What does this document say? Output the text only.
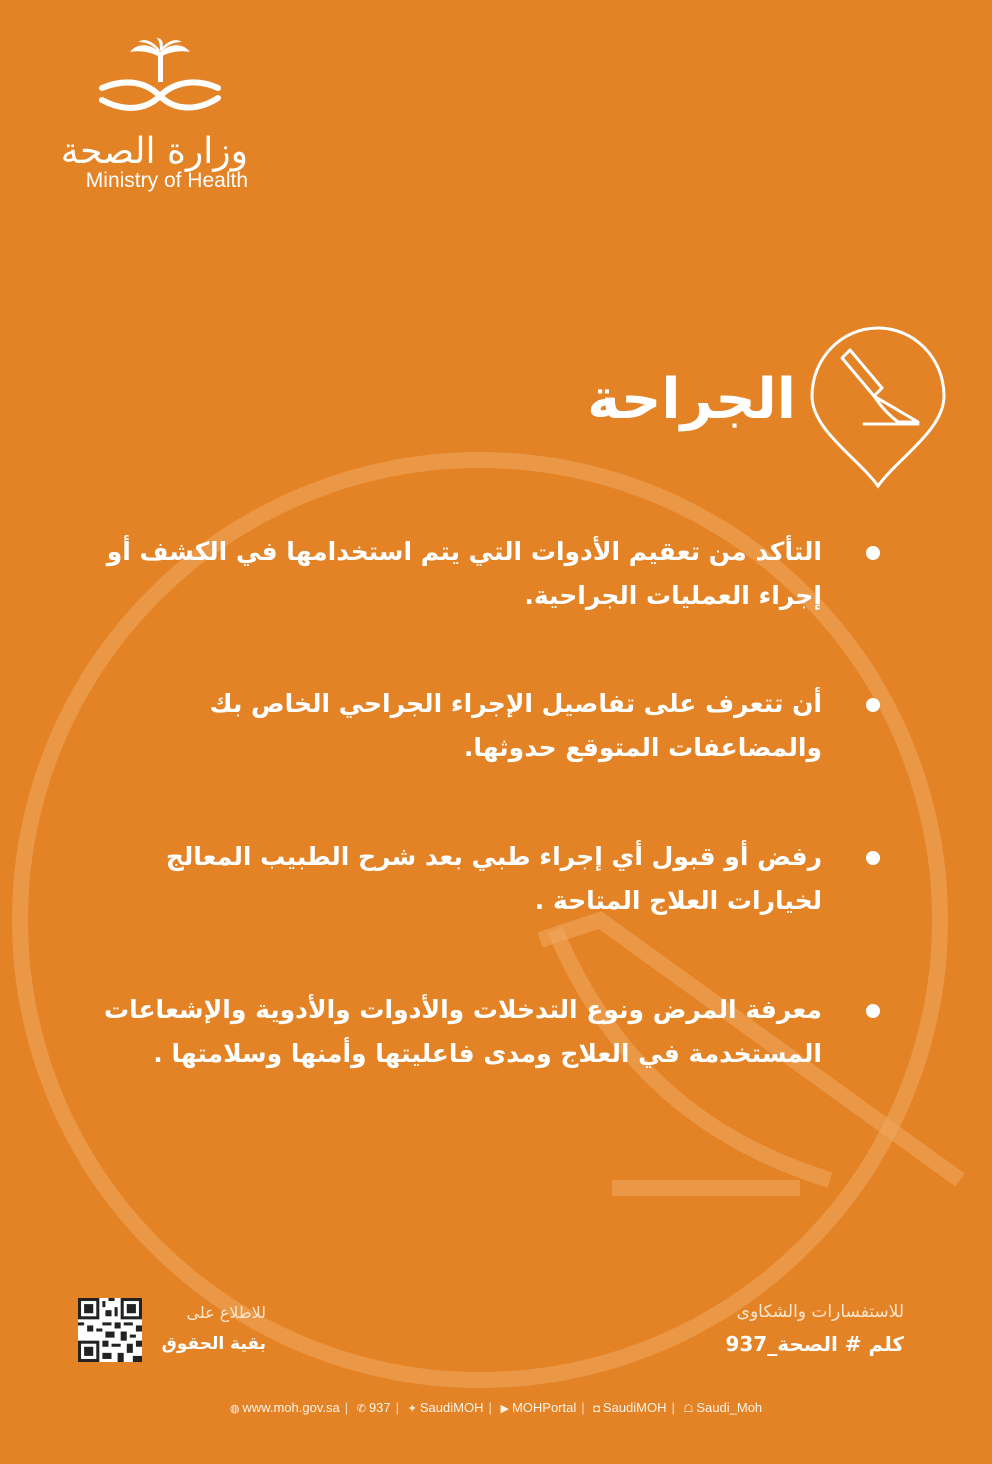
وزارة الصحة
Ministry of Health
الجراحة
التأكد من تعقيم الأدوات التي يتم استخدامها في الكشف أو إجراء العمليات الجراحية.
أن تتعرف على تفاصيل الإجراء الجراحي الخاص بك والمضاعفات المتوقع حدوثها.
رفض أو قبول أي إجراء طبي بعد شرح الطبيب المعالج لخيارات العلاج المتاحة .
معرفة المرض ونوع التدخلات والأدوات والأدوية والإشعاعات المستخدمة في العلاج ومدى فاعليتها وأمنها وسلامتها .
للاطلاع على
بقية الحقوق
للاستفسارات والشكاوى
كلم # الصحة_937
◍ www.moh.gov.sa | ✆ 937 | ✦ SaudiMOH | ▶ MOHPortal | ◘ SaudiMOH | ☖ Saudi_Moh
